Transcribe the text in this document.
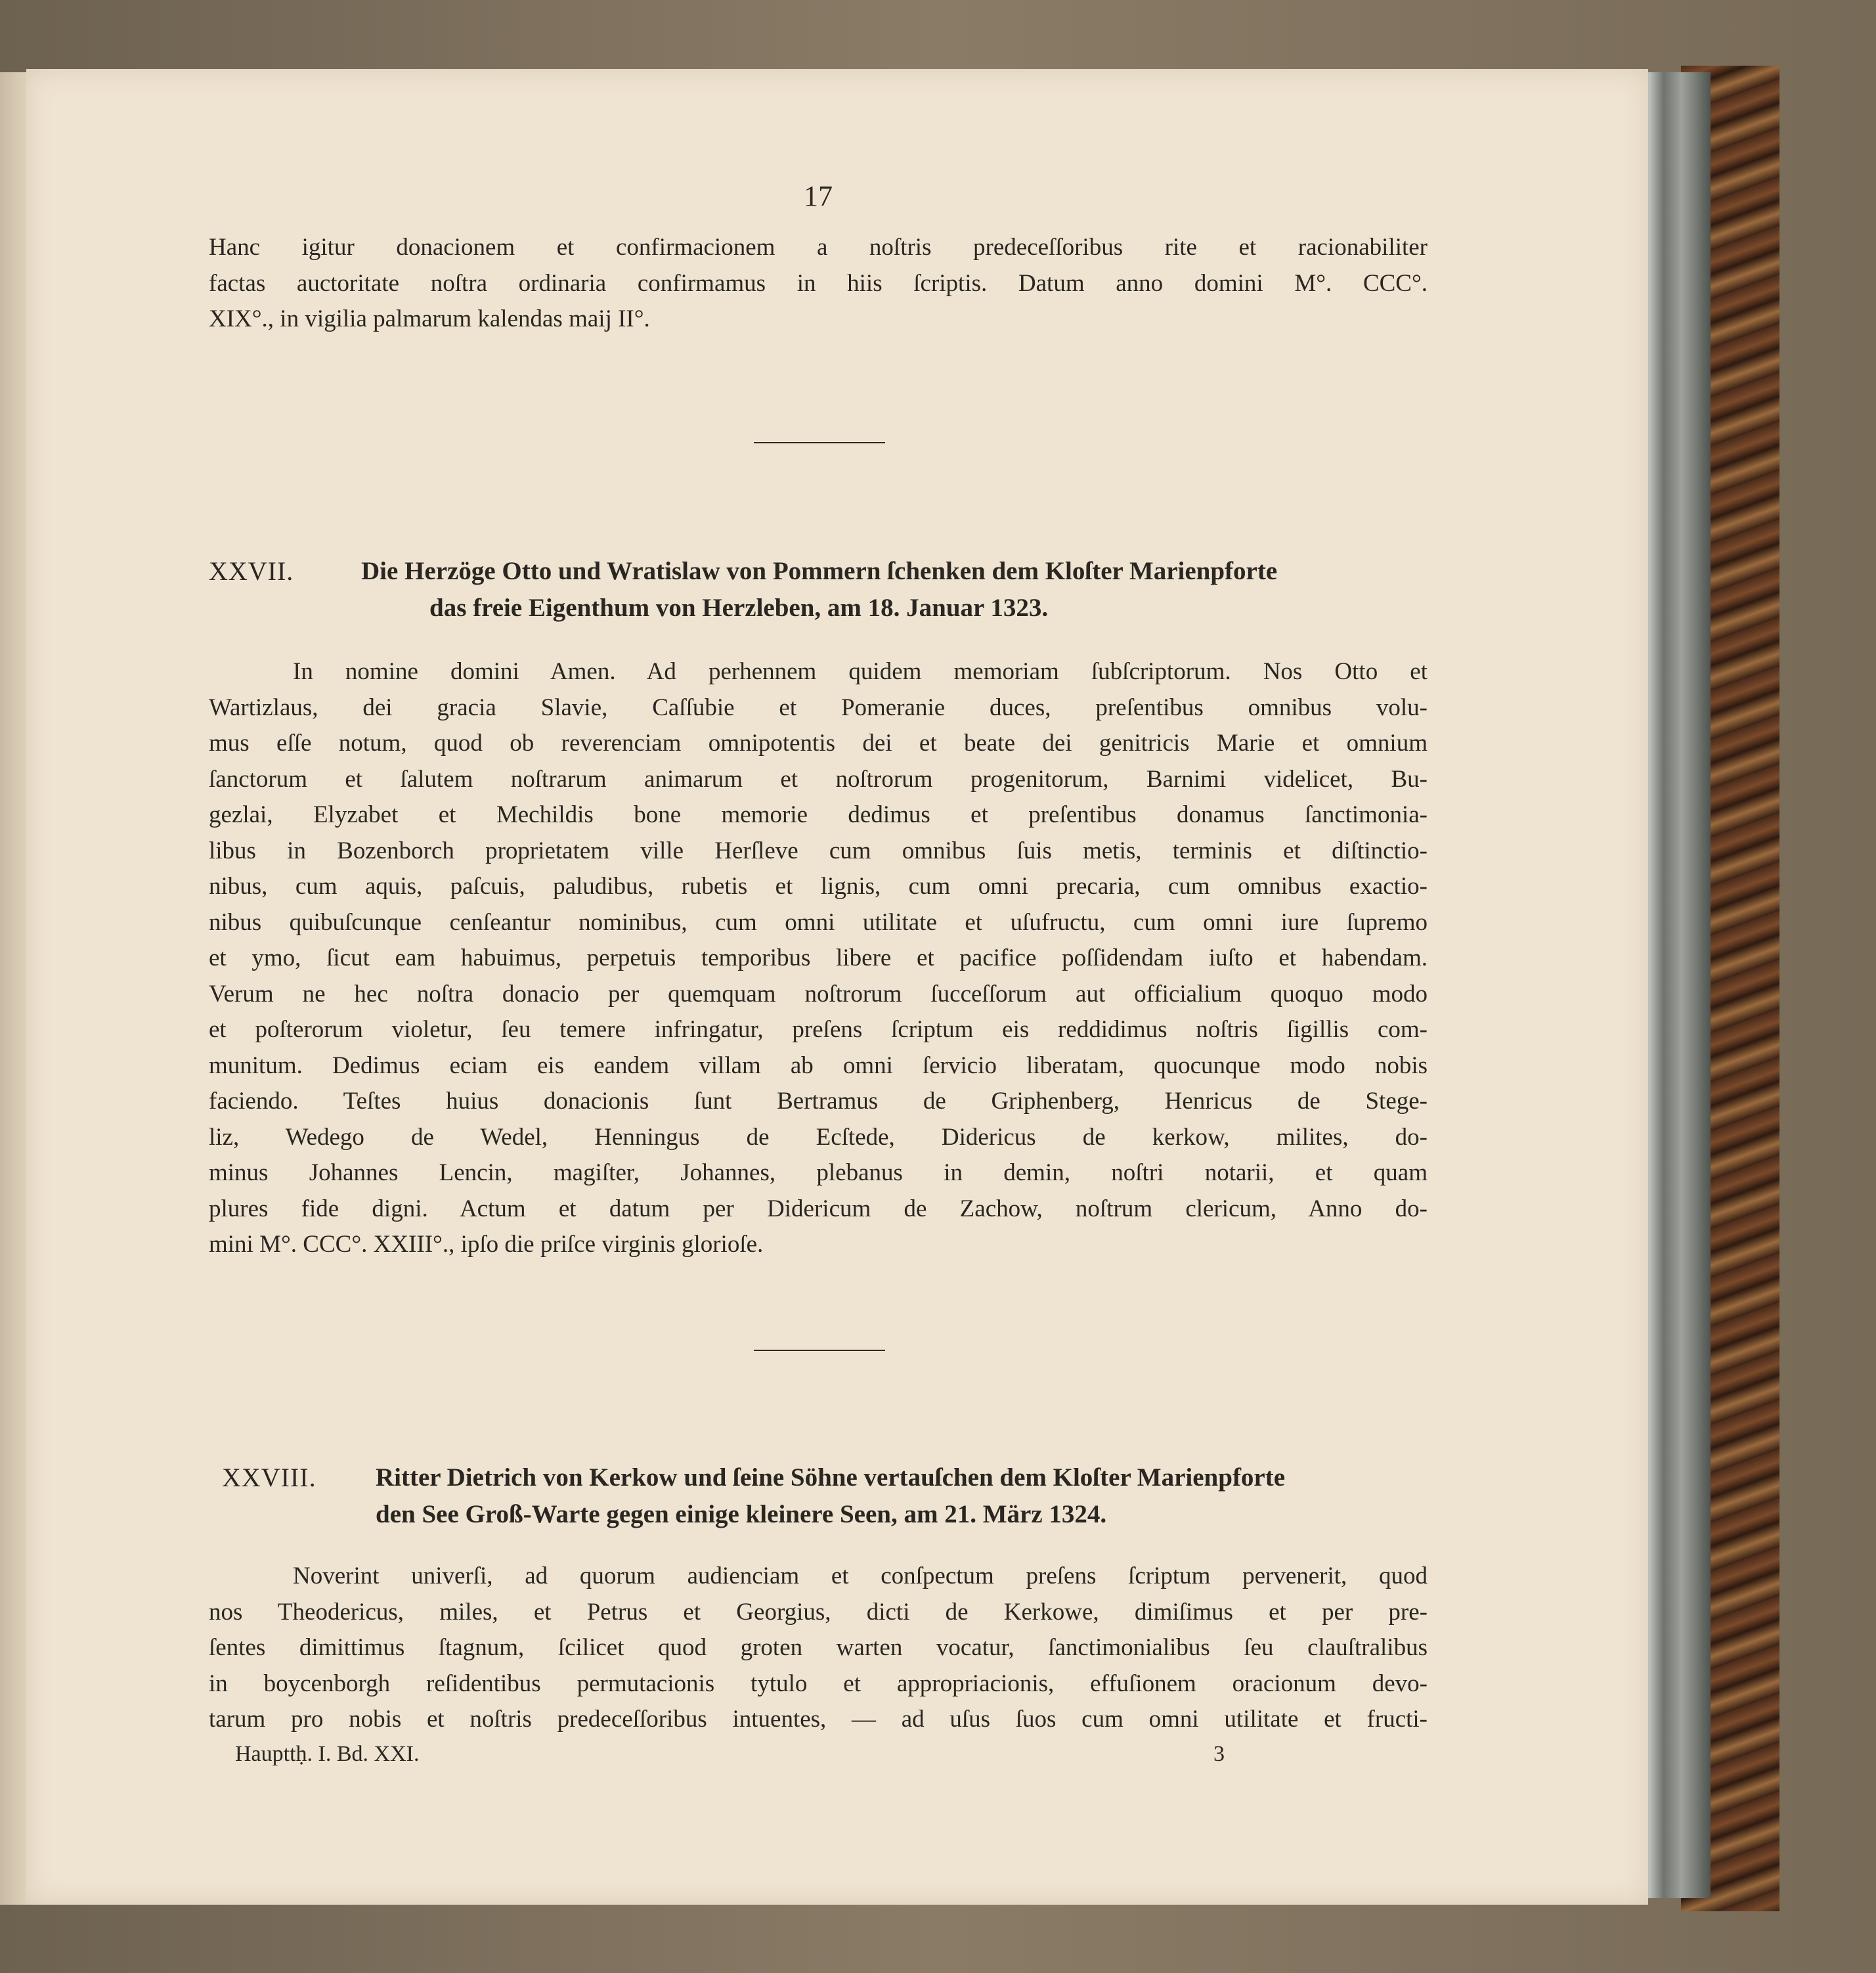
17
Hanc igitur donacionem et confirmacionem a noſtris predeceſſoribus rite et racionabiliter
factas auctoritate noſtra ordinaria confirmamus in hiis ſcriptis. Datum anno domini M°. CCC°.
XIX°., in vigilia palmarum kalendas maij II°.
XXVII.	Die Herzöge Otto und Wratislaw von Pommern ſchenken dem Kloſter Marienpforte
das freie Eigenthum von Herzleben, am 18. Januar 1323.
In nomine domini Amen. Ad perhennem quidem memoriam ſubſcriptorum. Nos Otto et
Wartizlaus, dei gracia Slavie, Caſſubie et Pomeranie duces, preſentibus omnibus volu-
mus eſſe notum, quod ob reverenciam omnipotentis dei et beate dei genitricis Marie et omnium
ſanctorum et ſalutem noſtrarum animarum et noſtrorum progenitorum, Barnimi videlicet, Bu-
gezlai, Elyzabet et Mechildis bone memorie dedimus et preſentibus donamus ſanctimonia-
libus in Bozenborch proprietatem ville Herſleve cum omnibus ſuis metis, terminis et diſtinctio-
nibus, cum aquis, paſcuis, paludibus, rubetis et lignis, cum omni precaria, cum omnibus exactio-
nibus quibuſcunque cenſeantur nominibus, cum omni utilitate et uſufructu, cum omni iure ſupremo
et ymo, ſicut eam habuimus, perpetuis temporibus libere et pacifice poſſidendam iuſto et habendam.
Verum ne hec noſtra donacio per quemquam noſtrorum ſucceſſorum aut officialium quoquo modo
et poſterorum violetur, ſeu temere infringatur, preſens ſcriptum eis reddidimus noſtris ſigillis com-
munitum. Dedimus eciam eis eandem villam ab omni ſervicio liberatam, quocunque modo nobis
faciendo. Teſtes huius donacionis ſunt Bertramus de Griphenberg, Henricus de Stege-
liz, Wedego de Wedel, Henningus de Ecſtede, Didericus de kerkow, milites, do-
minus Johannes Lencin, magiſter, Johannes, plebanus in demin, noſtri notarii, et quam
plures fide digni. Actum et datum per Didericum de Zachow, noſtrum clericum, Anno do-
mini M°. CCC°. XXIII°., ipſo die priſce virginis glorioſe.
XXVIII. Ritter Dietrich von Kerkow und ſeine Söhne vertauſchen dem Kloſter Marienpforte
den See Groß-Warte gegen einige kleinere Seen, am 21. März 1324.
Noverint univerſi, ad quorum audienciam et conſpectum preſens ſcriptum pervenerit, quod
nos Theodericus, miles, et Petrus et Georgius, dicti de Kerkowe, dimiſimus et per pre-
ſentes dimittimus ſtagnum, ſcilicet quod groten warten vocatur, ſanctimonialibus ſeu clauſtralibus
in boycenborgh reſidentibus permutacionis tytulo et appropriacionis, effuſionem oracionum devo-
tarum pro nobis et noſtris predeceſſoribus intuentes, — ad uſus ſuos cum omni utilitate et fructi-
Haupttḥ. I. Bd. XXI.	3
